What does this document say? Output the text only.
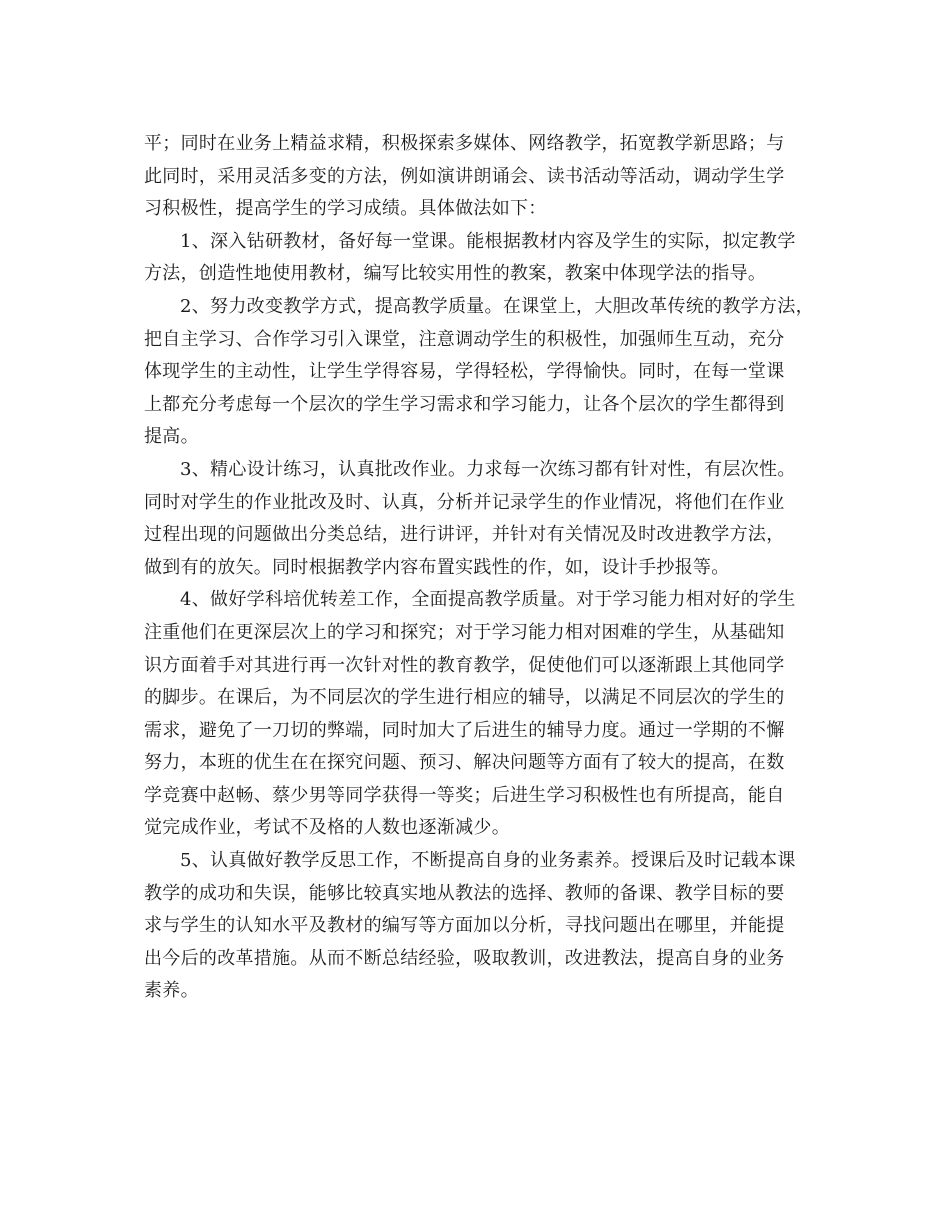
平；同时在业务上精益求精，积极探索多媒体、网络教学，拓宽教学新思路；与
此同时，采用灵活多变的方法，例如演讲朗诵会、读书活动等活动，调动学生学
习积极性，提高学生的学习成绩。具体做法如下：
1、深入钻研教材，备好每一堂课。能根据教材内容及学生的实际，拟定教学
方法，创造性地使用教材，编写比较实用性的教案，教案中体现学法的指导。
2、努力改变教学方式，提高教学质量。在课堂上，大胆改革传统的教学方法，
把自主学习、合作学习引入课堂，注意调动学生的积极性，加强师生互动，充分
体现学生的主动性，让学生学得容易，学得轻松，学得愉快。同时，在每一堂课
上都充分考虑每一个层次的学生学习需求和学习能力，让各个层次的学生都得到
提高。
3、精心设计练习，认真批改作业。力求每一次练习都有针对性，有层次性。
同时对学生的作业批改及时、认真，分析并记录学生的作业情况，将他们在作业
过程出现的问题做出分类总结，进行讲评，并针对有关情况及时改进教学方法，
做到有的放矢。同时根据教学内容布置实践性的作，如，设计手抄报等。
4、做好学科培优转差工作，全面提高教学质量。对于学习能力相对好的学生
注重他们在更深层次上的学习和探究；对于学习能力相对困难的学生，从基础知
识方面着手对其进行再一次针对性的教育教学，促使他们可以逐渐跟上其他同学
的脚步。在课后，为不同层次的学生进行相应的辅导，以满足不同层次的学生的
需求，避免了一刀切的弊端，同时加大了后进生的辅导力度。通过一学期的不懈
努力，本班的优生在在探究问题、预习、解决问题等方面有了较大的提高，在数
学竞赛中赵畅、蔡少男等同学获得一等奖；后进生学习积极性也有所提高，能自
觉完成作业，考试不及格的人数也逐渐减少。
5、认真做好教学反思工作，不断提高自身的业务素养。授课后及时记载本课
教学的成功和失误，能够比较真实地从教法的选择、教师的备课、教学目标的要
求与学生的认知水平及教材的编写等方面加以分析，寻找问题出在哪里，并能提
出今后的改革措施。从而不断总结经验，吸取教训，改进教法，提高自身的业务
素养。
